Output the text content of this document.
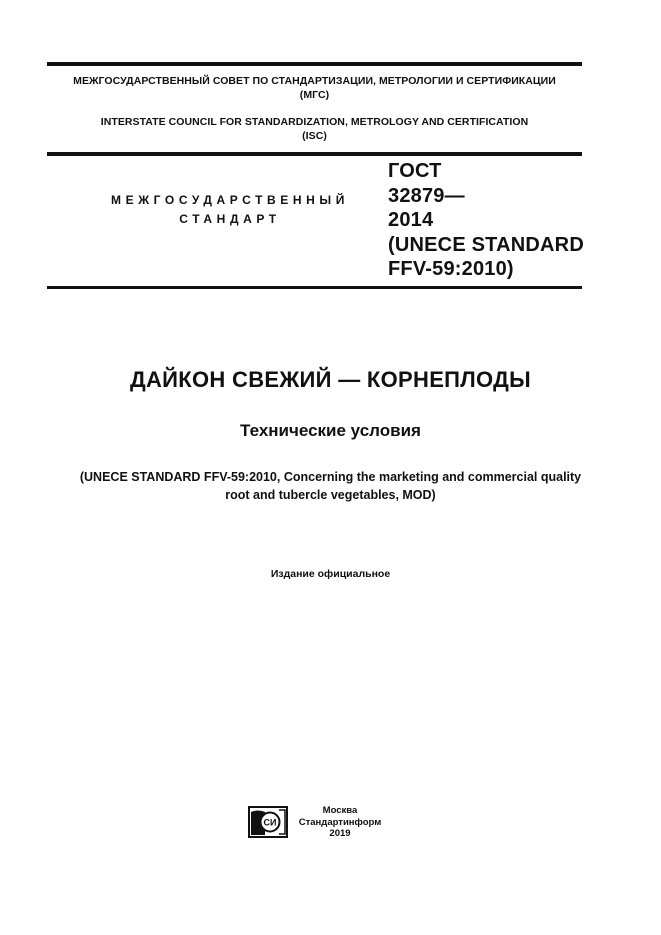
МЕЖГОСУДАРСТВЕННЫЙ СОВЕТ ПО СТАНДАРТИЗАЦИИ, МЕТРОЛОГИИ И СЕРТИФИКАЦИИ
(МГС)
INTERSTATE COUNCIL FOR STANDARDIZATION, METROLOGY AND CERTIFICATION
(ISC)
МЕЖГОСУДАРСТВЕННЫЙ
СТАНДАРТ
ГОСТ
32879—
2014
(UNECE STANDARD
FFV-59:2010)
ДАЙКОН СВЕЖИЙ — КОРНЕПЛОДЫ
Технические условия
(UNECE STANDARD FFV-59:2010, Concerning the marketing and commercial quality
root and tubercle vegetables, MOD)
Издание официальное
СИ
Москва
Стандартинформ
2019
